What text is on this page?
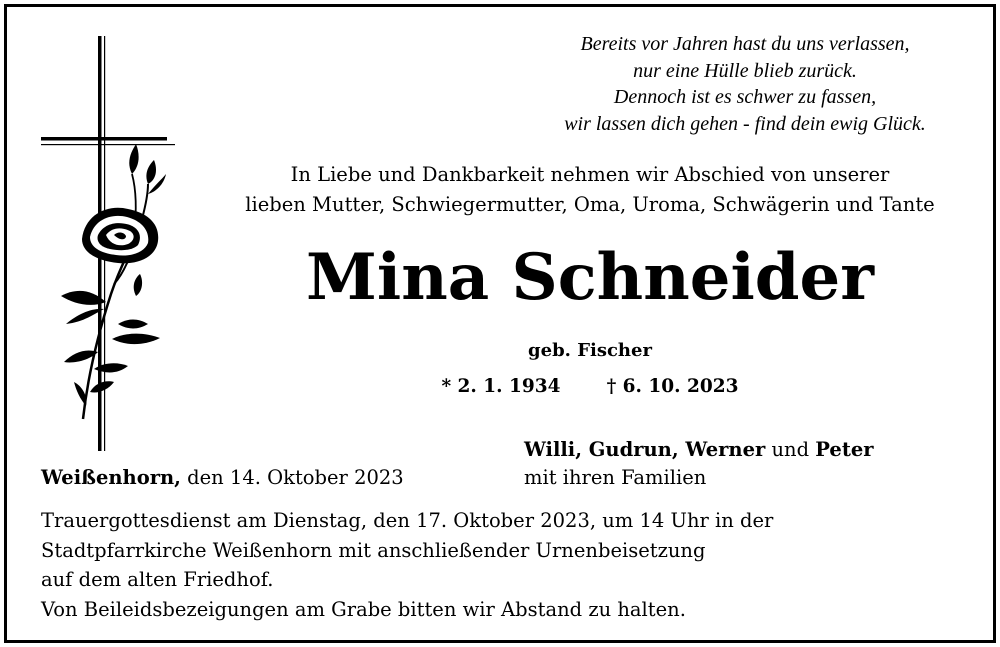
Bereits vor Jahren hast du uns verlassen,
nur eine Hülle blieb zurück.
Dennoch ist es schwer zu fassen,
wir lassen dich gehen - find dein ewig Glück.
In Liebe und Dankbarkeit nehmen wir Abschied von unserer
lieben Mutter, Schwiegermutter, Oma, Uroma, Schwägerin und Tante
Mina Schneider
geb. Fischer
* 2. 1. 1934 † 6. 10. 2023
Weißenhorn, den 14. Oktober 2023
Willi, Gudrun, Werner und Peter
mit ihren Familien
Trauergottesdienst am Dienstag, den 17. Oktober 2023, um 14 Uhr in der
Stadtpfarrkirche Weißenhorn mit anschließender Urnenbeisetzung
auf dem alten Friedhof.
Von Beileidsbezeigungen am Grabe bitten wir Abstand zu halten.
